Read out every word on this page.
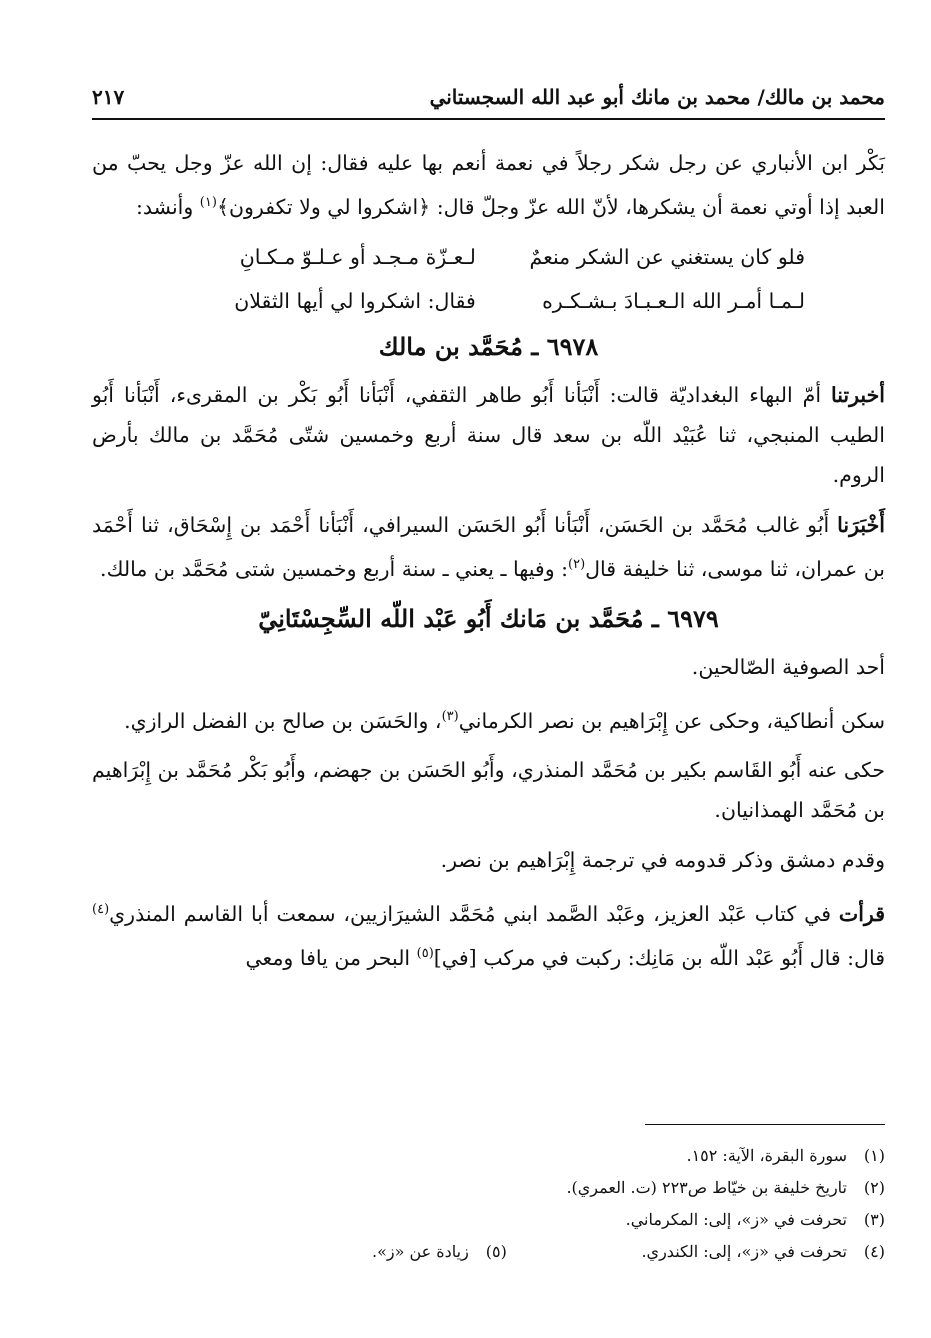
محمد بن مالك/ محمد بن مانك أبو عبد الله السجستاني
٢١٧

بَكْر ابن الأنباري عن رجل شكر رجلاً في نعمة أنعم بها عليه فقال: إن الله عزّ وجل يحبّ من العبد إذا أوتي نعمة أن يشكرها، لأنّ الله عزّ وجلّ قال: ﴿اشكروا لي ولا تكفرون﴾$^{(١)}$ وأنشد:

فلو كان يستغني عن الشكر منعمٌ
لـعـزّة مـجـد أو عـلـوّ مـكـانِ
لـمـا أمـر الله الـعـبـادَ بـشـكـره
فقال: اشكروا لي أيها الثقلان
٦٩٧٨ ـ مُحَمَّد بن مالك

أخبرتنا أمّ البهاء البغداديّة قالت: أَنْبَأنا أَبُو طاهر الثقفي، أَنْبَأنا أَبُو بَكْر بن المقرىء، أَنْبَأنا أَبُو الطيب المنبجي، ثنا عُبَيْد اللّه بن سعد قال سنة أربع وخمسين شتّى مُحَمَّد بن مالك بأرض الروم.

أَخْبَرَنا أَبُو غالب مُحَمَّد بن الحَسَن، أَنْبَأنا أَبُو الحَسَن السيرافي، أَنْبَأنا أَحْمَد بن إِسْحَاق، ثنا أَحْمَد بن عمران، ثنا موسى، ثنا خليفة قال$^{(٢)}$: وفيها ـ يعني ـ سنة أربع وخمسين شتى مُحَمَّد بن مالك.

٦٩٧٩ ـ مُحَمَّد بن مَانك أَبُو عَبْد اللّه السِّجِسْتَانِيّ

أحد الصوفية الصّالحين.

سكن أنطاكية، وحكى عن إِبْرَاهيم بن نصر الكرماني$^{(٣)}$، والحَسَن بن صالح بن الفضل الرازي.

حكى عنه أَبُو القَاسم بكير بن مُحَمَّد المنذري، وأَبُو الحَسَن بن جهضم، وأَبُو بَكْر مُحَمَّد بن إِبْرَاهيم بن مُحَمَّد الهمذانيان.

وقدم دمشق وذكر قدومه في ترجمة إِبْرَاهيم بن نصر.

قرأت في كتاب عَبْد العزيز، وعَبْد الصَّمد ابني مُحَمَّد الشيرَازيين، سمعت أبا القاسم المنذري$^{(٤)}$ قال: قال أَبُو عَبْد اللّه بن مَانِك: ركبت في مركب [في]$^{(٥)}$ البحر من يافا ومعي

(١)
سورة البقرة، الآية: ١٥٢.
(٢)
تاريخ خليفة بن خيّاط ص٢٢٣ (ت. العمري).
(٣)
تحرفت في «ز»، إلى: المكرماني.
(٤)
تحرفت في «ز»، إلى: الكندري.
(٥)
زيادة عن «ز».
